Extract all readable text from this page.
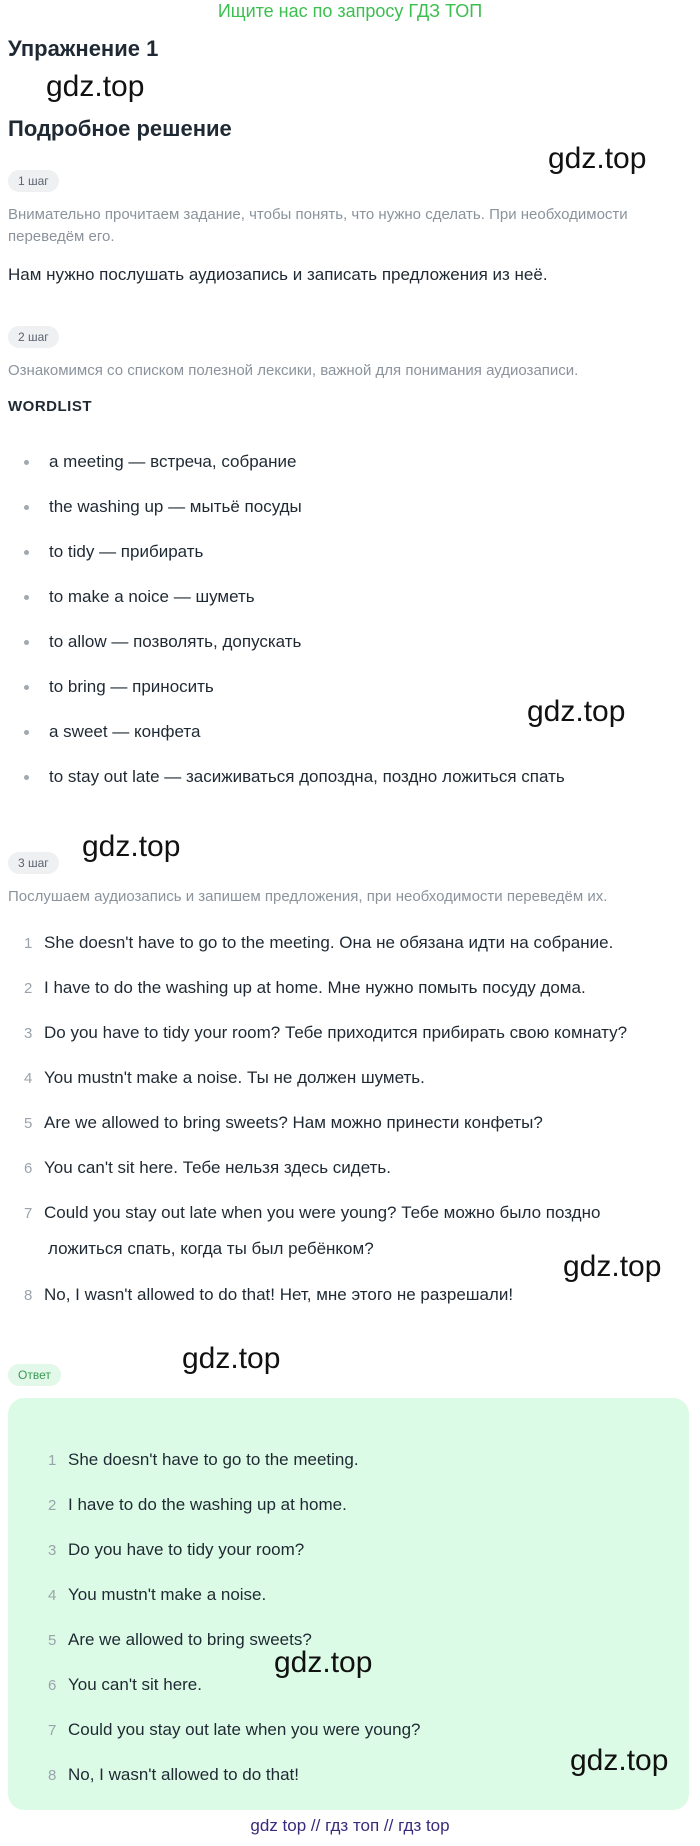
Ищите нас по запросу ГДЗ ТОП
Упражнение 1
gdz.top
Подробное решение
gdz.top
1 шаг
Внимательно прочитаем задание, чтобы понять, что нужно сделать. При необходимости переведём его.
Нам нужно послушать аудиозапись и записать предложения из неё.
2 шаг
Ознакомимся со списком полезной лексики, важной для понимания аудиозаписи.
WORDLIST
a meeting — встреча, собрание
the washing up — мытьё посуды
to tidy — прибирать
to make a noice — шуметь
to allow — позволять, допускать
to bring — приносить
a sweet — конфета
gdz.top
to stay out late — засиживаться допоздна, поздно ложиться спать
gdz.top
3 шаг
Послушаем аудиозапись и запишем предложения, при необходимости переведём их.
1 She doesn't have to go to the meeting. Она не обязана идти на собрание.
2 I have to do the washing up at home. Мне нужно помыть посуду дома.
3 Do you have to tidy your room? Тебе приходится прибирать свою комнату?
4 You mustn't make a noise. Ты не должен шуметь.
5 Are we allowed to bring sweets? Нам можно принести конфеты?
6 You can't sit here. Тебе нельзя здесь сидеть.
7 Could you stay out late when you were young? Тебе можно было поздно
ложиться спать, когда ты был ребёнком?
gdz.top
8 No, I wasn't allowed to do that! Нет, мне этого не разрешали!
Ответ	gdz.top
1 She doesn't have to go to the meeting.
2 I have to do the washing up at home.
3 Do you have to tidy your room?
4 You mustn't make a noise.
5 Are we allowed to bring sweets?
gdz.top
6 You can't sit here.
7 Could you stay out late when you were young?
gdz.top
8 No, I wasn't allowed to do that!
gdz top // гдз топ // гдз top
